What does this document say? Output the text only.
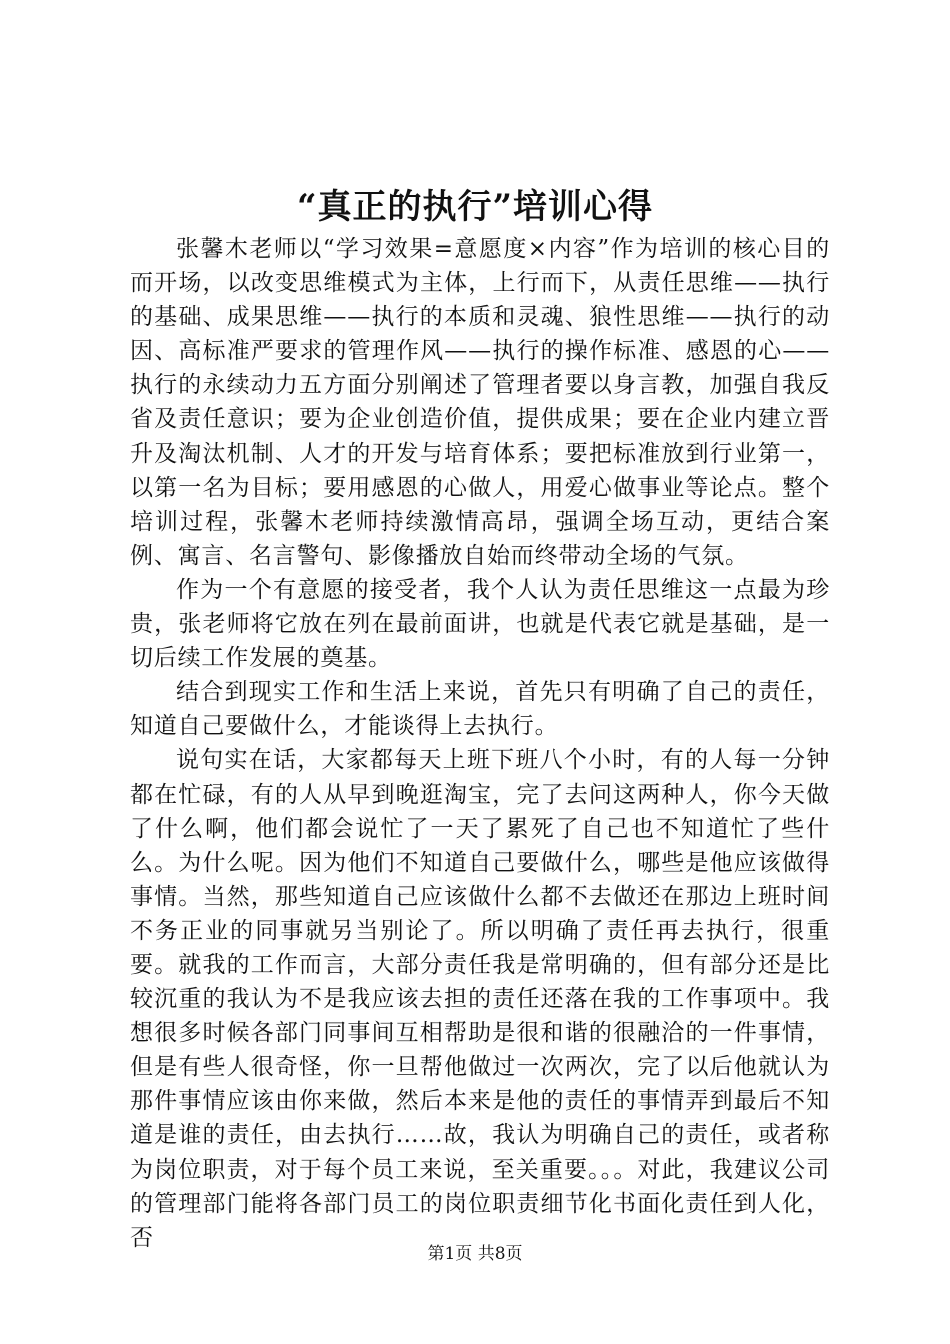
“真正的执行”培训心得

张馨木老师以“学习效果=意愿度×内容”作为培训的核心目的而开场，以改变思维模式为主体，上行而下，从责任思维——执行的基础、成果思维——执行的本质和灵魂、狼性思维——执行的动因、高标准严要求的管理作风——执行的操作标准、感恩的心——执行的永续动力五方面分别阐述了管理者要以身言教，加强自我反省及责任意识；要为企业创造价值，提供成果；要在企业内建立晋升及淘汰机制、人才的开发与培育体系；要把标准放到行业第一，以第一名为目标；要用感恩的心做人，用爱心做事业等论点。整个培训过程，张馨木老师持续激情高昂，强调全场互动，更结合案例、寓言、名言警句、影像播放自始而终带动全场的气氛。

作为一个有意愿的接受者，我个人认为责任思维这一点最为珍贵，张老师将它放在列在最前面讲，也就是代表它就是基础，是一切后续工作发展的奠基。

结合到现实工作和生活上来说，首先只有明确了自己的责任，知道自己要做什么，才能谈得上去执行。

说句实在话，大家都每天上班下班八个小时，有的人每一分钟都在忙碌，有的人从早到晚逛淘宝，完了去问这两种人，你今天做了什么啊，他们都会说忙了一天了累死了自己也不知道忙了些什么。为什么呢。因为他们不知道自己要做什么，哪些是他应该做得事情。当然，那些知道自己应该做什么都不去做还在那边上班时间不务正业的同事就另当别论了。所以明确了责任再去执行，很重要。就我的工作而言，大部分责任我是常明确的，但有部分还是比较沉重的我认为不是我应该去担的责任还落在我的工作事项中。我想很多时候各部门同事间互相帮助是很和谐的很融洽的一件事情，但是有些人很奇怪，你一旦帮他做过一次两次，完了以后他就认为那件事情应该由你来做，然后本来是他的责任的事情弄到最后不知道是谁的责任，由去执行……故，我认为明确自己的责任，或者称为岗位职责，对于每个员工来说，至关重要。。。对此，我建议公司的管理部门能将各部门员工的岗位职责细节化书面化责任到人化，否

第1页 共8页
